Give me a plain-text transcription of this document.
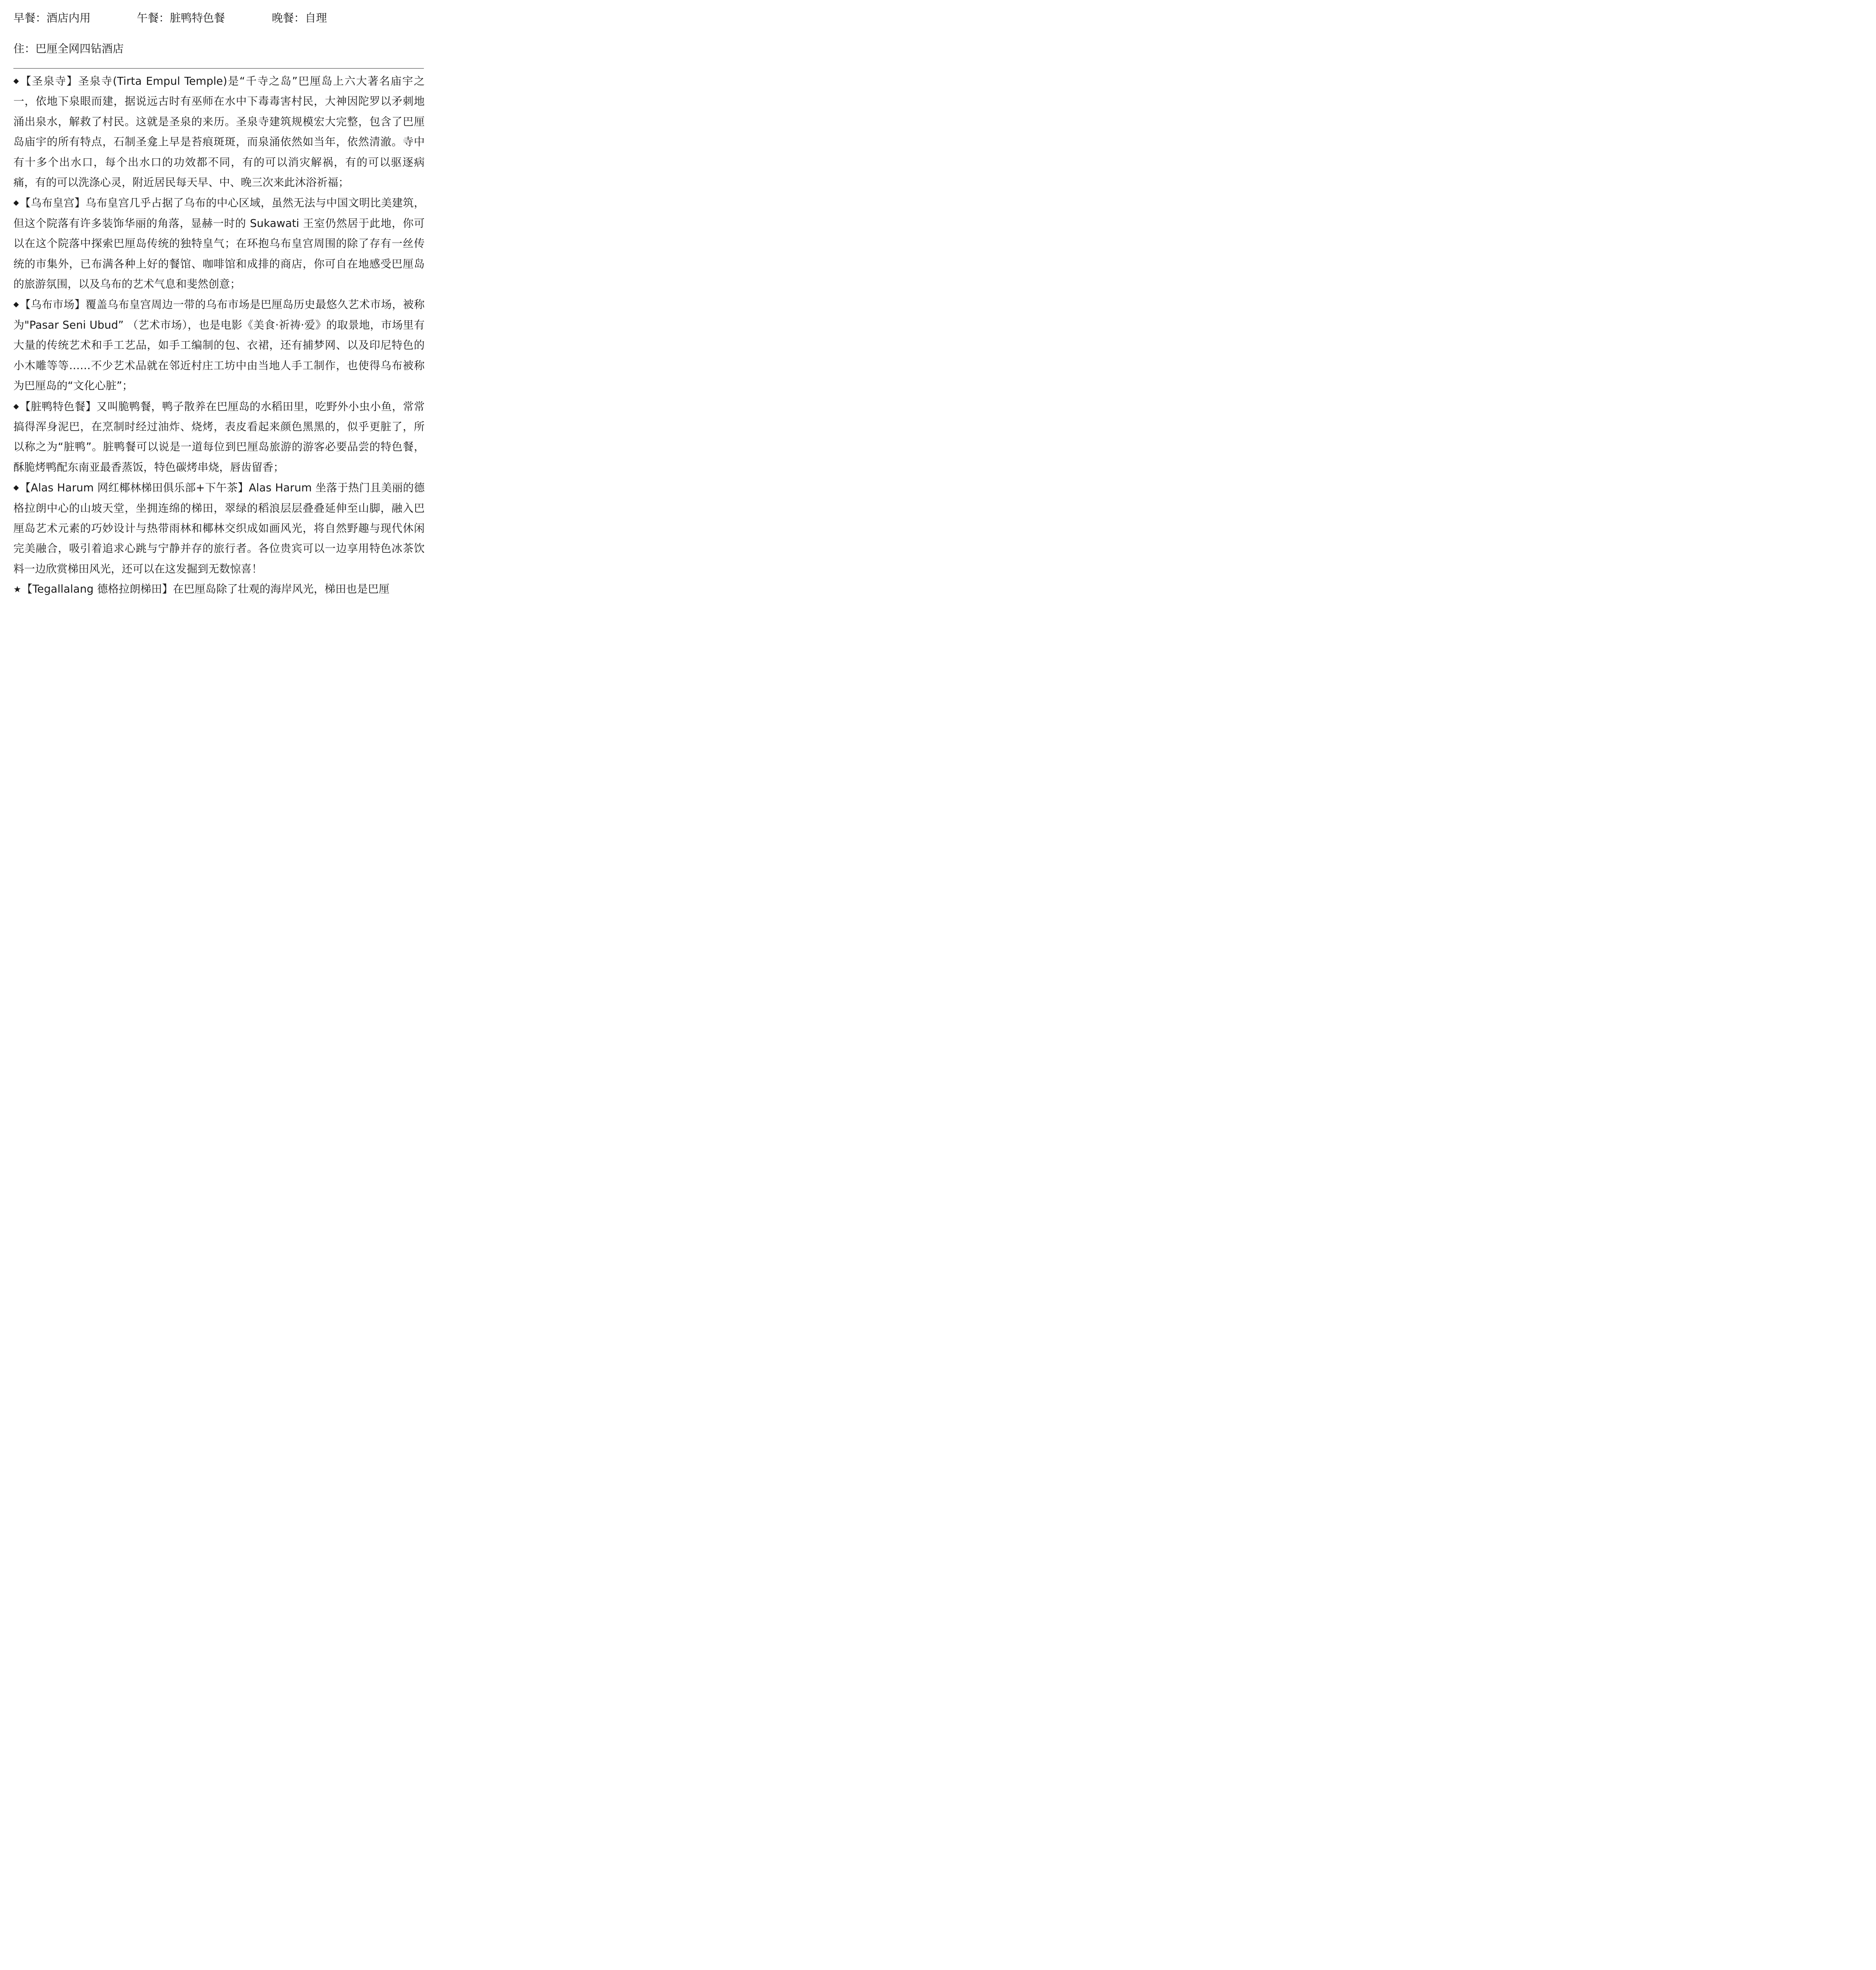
早餐：酒店内用	午餐：脏鸭特色餐	晚餐：自理
住：巴厘全网四钻酒店

◆【圣泉寺】圣泉寺(Tirta Empul Temple)是“千寺之岛”巴厘岛上六大著名庙宇之一，依地下泉眼而建，据说远古时有巫师在水中下毒毒害村民，大神因陀罗以矛刺地涌出泉水，解救了村民。这就是圣泉的来历。圣泉寺建筑规模宏大完整，包含了巴厘岛庙宇的所有特点，石制圣龛上早是苔痕斑斑，而泉涌依然如当年，依然清澈。寺中有十多个出水口，每个出水口的功效都不同，有的可以消灾解祸，有的可以驱逐病痛，有的可以洗涤心灵，附近居民每天早、中、晚三次来此沐浴祈福；

◆【乌布皇宫】乌布皇宫几乎占据了乌布的中心区域，虽然无法与中国文明比美建筑，但这个院落有许多装饰华丽的角落，显赫一时的 Sukawati 王室仍然居于此地，你可以在这个院落中探索巴厘岛传统的独特皇气；在环抱乌布皇宫周围的除了存有一丝传统的市集外，已布满各种上好的餐馆、咖啡馆和成排的商店，你可自在地感受巴厘岛的旅游氛围，以及乌布的艺术气息和斐然创意；

◆【乌布市场】覆盖乌布皇宫周边一带的乌布市场是巴厘岛历史最悠久艺术市场，被称为"Pasar Seni Ubud” （艺术市场），也是电影《美食·祈祷·爱》的取景地，市场里有大量的传统艺术和手工艺品，如手工编制的包、衣裙，还有捕梦网、以及印尼特色的小木雕等等……不少艺术品就在邻近村庄工坊中由当地人手工制作，也使得乌布被称为巴厘岛的“文化心脏”；

◆【脏鸭特色餐】又叫脆鸭餐，鸭子散养在巴厘岛的水稻田里，吃野外小虫小鱼，常常搞得浑身泥巴，在烹制时经过油炸、烧烤，表皮看起来颜色黑黑的，似乎更脏了，所以称之为“脏鸭”。脏鸭餐可以说是一道每位到巴厘岛旅游的游客必要品尝的特色餐，酥脆烤鸭配东南亚最香蒸饭，特色碳烤串烧，唇齿留香；

◆【Alas Harum 网红椰林梯田俱乐部+下午茶】Alas Harum 坐落于热门且美丽的德格拉朗中心的山坡天堂，坐拥连绵的梯田，翠绿的稻浪层层叠叠延伸至山脚，融入巴厘岛艺术元素的巧妙设计与热带雨林和椰林交织成如画风光，将自然野趣与现代休闲完美融合，吸引着追求心跳与宁静并存的旅行者。各位贵宾可以一边享用特色冰茶饮料一边欣赏梯田风光，还可以在这发掘到无数惊喜！

★【Tegallalang 德格拉朗梯田】在巴厘岛除了壮观的海岸风光，梯田也是巴厘
